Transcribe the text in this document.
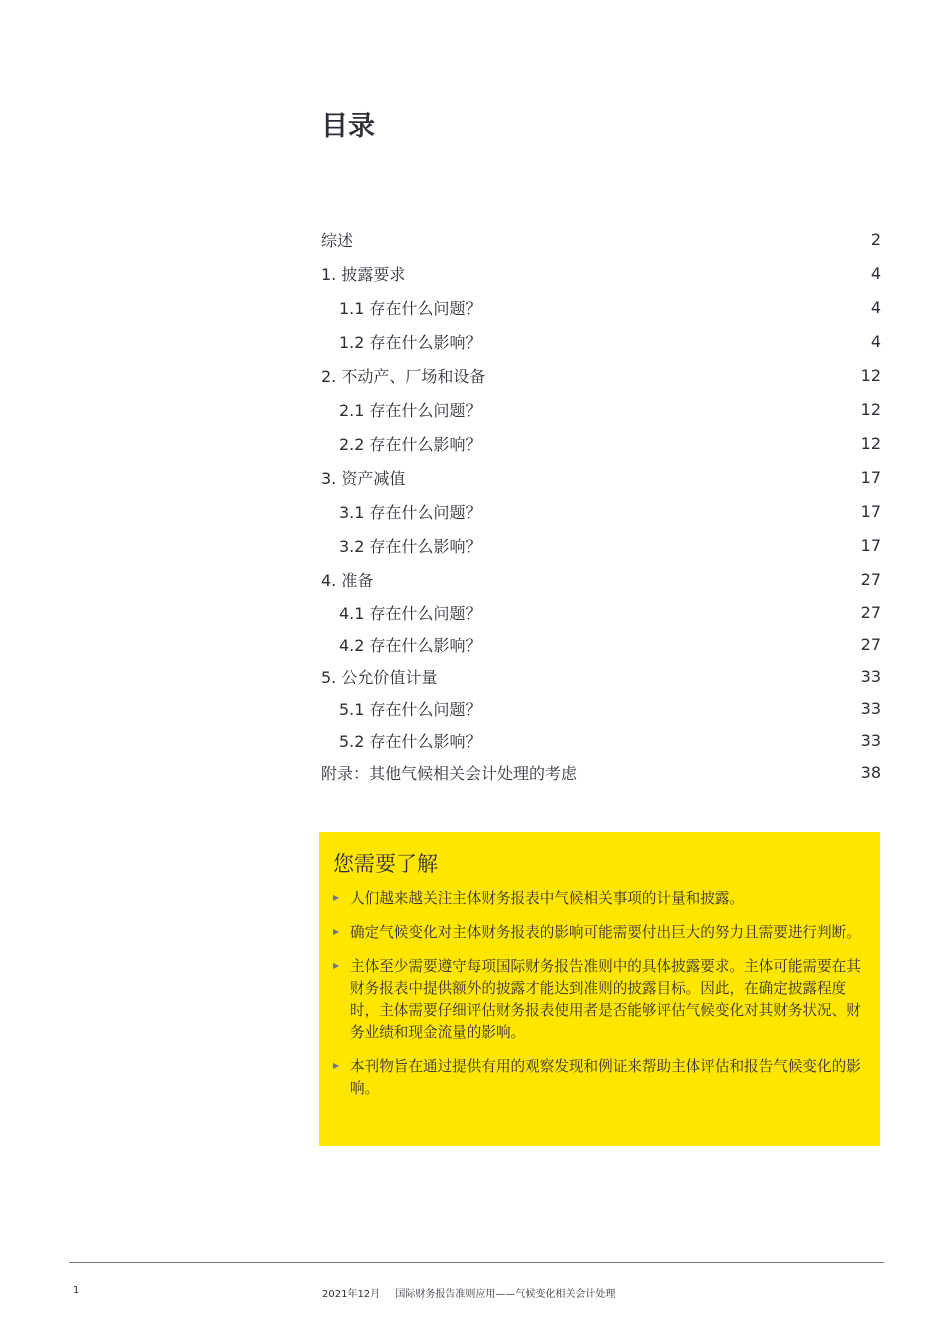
目录
综述	2
1. 披露要求	4
1.1 存在什么问题？	4
1.2 存在什么影响？	4
2. 不动产、厂场和设备	12
2.1 存在什么问题？	12
2.2 存在什么影响？	12
3. 资产减值	17
3.1 存在什么问题？	17
3.2 存在什么影响？	17
4. 准备	27
4.1 存在什么问题？	27
4.2 存在什么影响？	27
5. 公允价值计量	33
5.1 存在什么问题？	33
5.2 存在什么影响？	33
附录：其他气候相关会计处理的考虑	38
您需要了解
▶ 人们越来越关注主体财务报表中气候相关事项的计量和披露。
▶ 确定气候变化对主体财务报表的影响可能需要付出巨大的努力且需要进行判断。
▶ 主体至少需要遵守每项国际财务报告准则中的具体披露要求。主体可能需要在其财务报表中提供额外的披露才能达到准则的披露目标。因此，在确定披露程度时，主体需要仔细评估财务报表使用者是否能够评估气候变化对其财务状况、财务业绩和现金流量的影响。
▶ 本刊物旨在通过提供有用的观察发现和例证来帮助主体评估和报告气候变化的影响。
1	2021年12月 国际财务报告准则应用——气候变化相关会计处理
